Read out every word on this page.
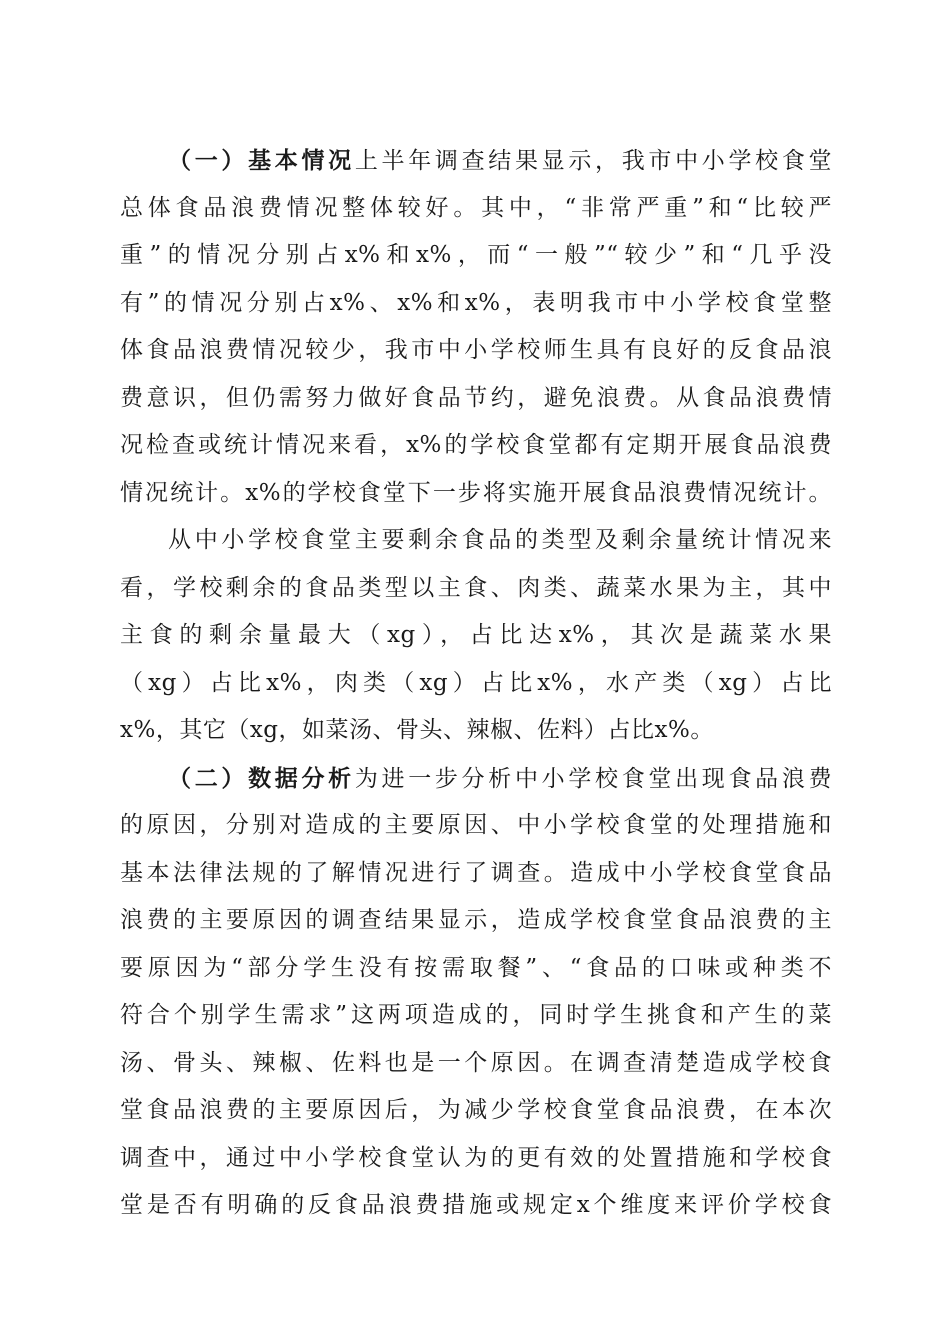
（一）基本情况上半年调查结果显示，我市中小学校食堂
总体食品浪费情况整体较好。其中，“非常严重”和“比较严
重”的情况分别占x%和x%，而“一般”“较少”和“几乎没
有”的情况分别占x%、x%和x%，表明我市中小学校食堂整
体食品浪费情况较少，我市中小学校师生具有良好的反食品浪
费意识，但仍需努力做好食品节约，避免浪费。从食品浪费情
况检查或统计情况来看，x%的学校食堂都有定期开展食品浪费
情况统计。x%的学校食堂下一步将实施开展食品浪费情况统计。
从中小学校食堂主要剩余食品的类型及剩余量统计情况来
看，学校剩余的食品类型以主食、肉类、蔬菜水果为主，其中
主食的剩余量最大（xg），占比达x%，其次是蔬菜水果
（xg）占比x%，肉类（xg）占比x%，水产类（xg）占比
x%，其它（xg，如菜汤、骨头、辣椒、佐料）占比x%。
（二）数据分析为进一步分析中小学校食堂出现食品浪费
的原因，分别对造成的主要原因、中小学校食堂的处理措施和
基本法律法规的了解情况进行了调查。造成中小学校食堂食品
浪费的主要原因的调查结果显示，造成学校食堂食品浪费的主
要原因为“部分学生没有按需取餐”、“食品的口味或种类不
符合个别学生需求”这两项造成的，同时学生挑食和产生的菜
汤、骨头、辣椒、佐料也是一个原因。在调查清楚造成学校食
堂食品浪费的主要原因后，为减少学校食堂食品浪费，在本次
调查中，通过中小学校食堂认为的更有效的处置措施和学校食
堂是否有明确的反食品浪费措施或规定x个维度来评价学校食
